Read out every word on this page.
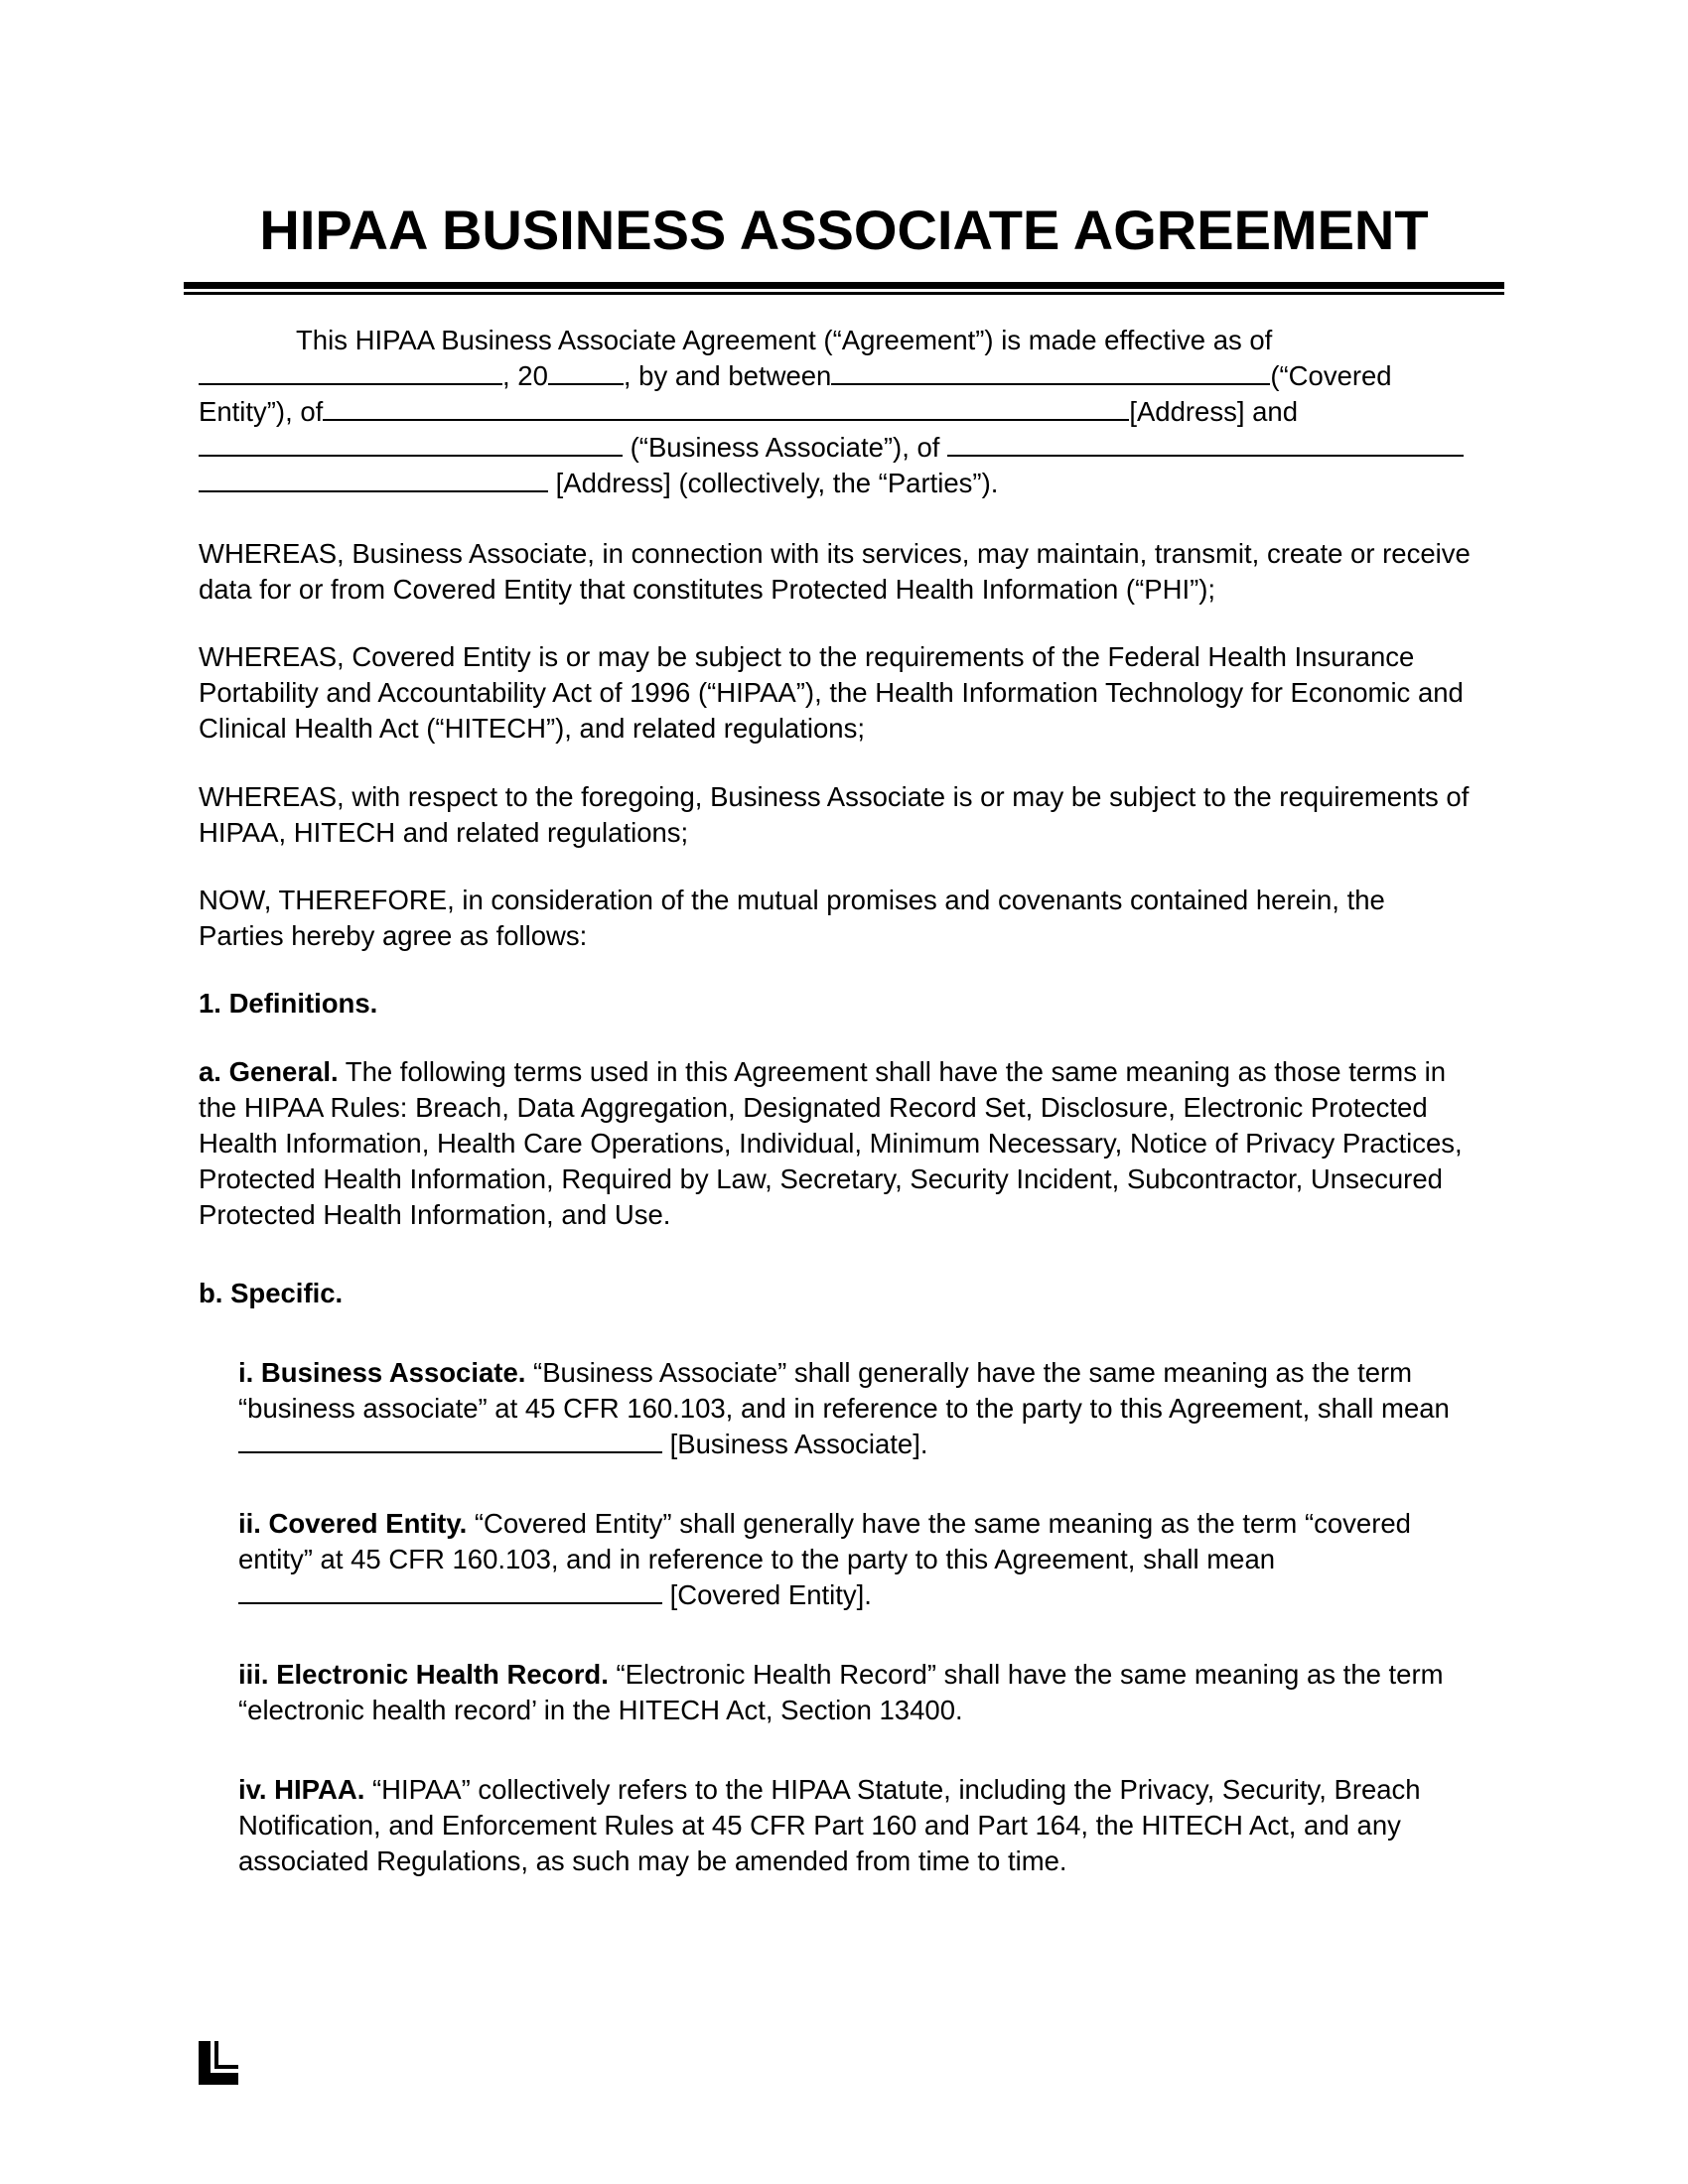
HIPAA BUSINESS ASSOCIATE AGREEMENT
This HIPAA Business Associate Agreement (“Agreement”) is made effective as of
, 20	, by and between	(“Covered
Entity”), of	[Address] and
(“Business Associate”), of
[Address] (collectively, the “Parties”).
WHEREAS, Business Associate, in connection with its services, may maintain, transmit, create or receive
data for or from Covered Entity that constitutes Protected Health Information (“PHI”);
WHEREAS, Covered Entity is or may be subject to the requirements of the Federal Health Insurance
Portability and Accountability Act of 1996 (“HIPAA”), the Health Information Technology for Economic and
Clinical Health Act (“HITECH”), and related regulations;
WHEREAS, with respect to the foregoing, Business Associate is or may be subject to the requirements of
HIPAA, HITECH and related regulations;
NOW, THEREFORE, in consideration of the mutual promises and covenants contained herein, the
Parties hereby agree as follows:
1. Definitions.
a. General. The following terms used in this Agreement shall have the same meaning as those terms in
the HIPAA Rules: Breach, Data Aggregation, Designated Record Set, Disclosure, Electronic Protected
Health Information, Health Care Operations, Individual, Minimum Necessary, Notice of Privacy Practices,
Protected Health Information, Required by Law, Secretary, Security Incident, Subcontractor, Unsecured
Protected Health Information, and Use.
b. Specific.
i. Business Associate. “Business Associate” shall generally have the same meaning as the term
“business associate” at 45 CFR 160.103, and in reference to the party to this Agreement, shall mean
[Business Associate].
ii. Covered Entity. “Covered Entity” shall generally have the same meaning as the term “covered
entity” at 45 CFR 160.103, and in reference to the party to this Agreement, shall mean
[Covered Entity].
iii. Electronic Health Record. “Electronic Health Record” shall have the same meaning as the term
“electronic health record’ in the HITECH Act, Section 13400.
iv. HIPAA. “HIPAA” collectively refers to the HIPAA Statute, including the Privacy, Security, Breach
Notification, and Enforcement Rules at 45 CFR Part 160 and Part 164, the HITECH Act, and any
associated Regulations, as such may be amended from time to time.
